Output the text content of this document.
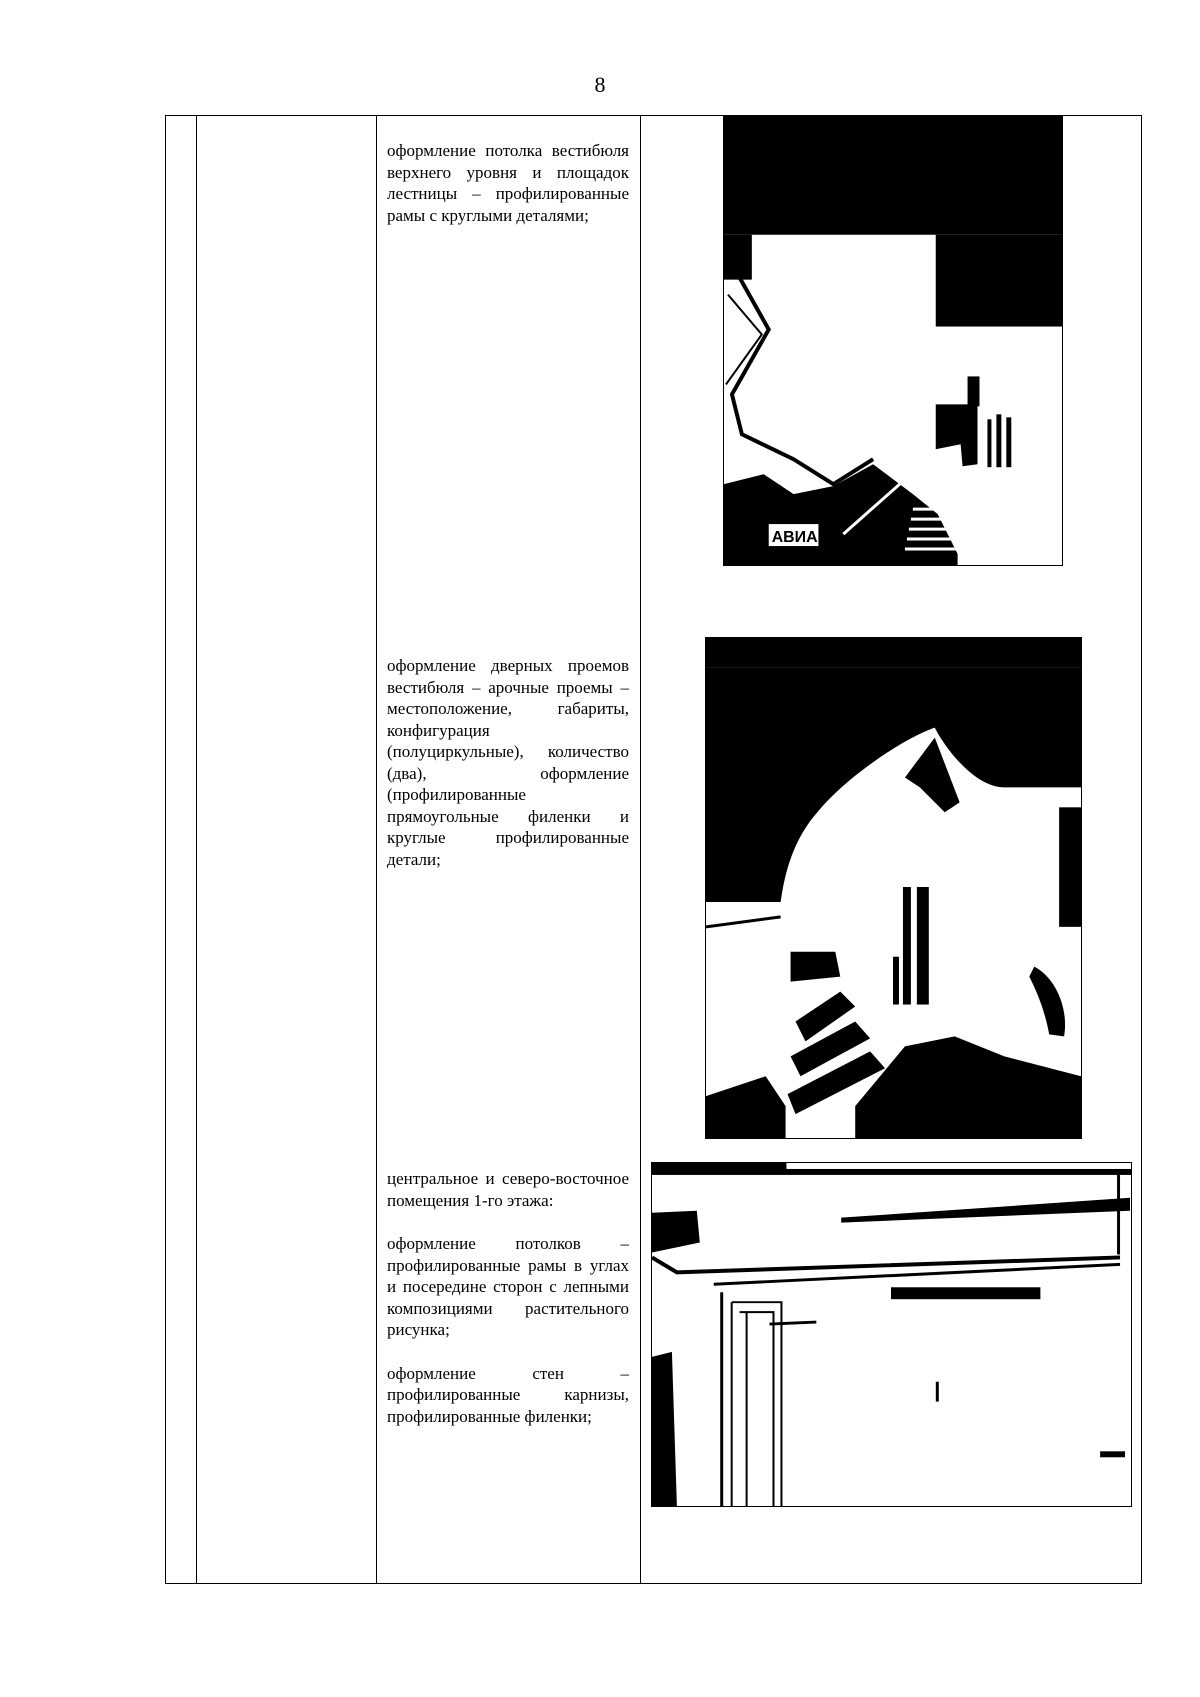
8

оформление потолка вестибюля верхнего уровня и площадок лестницы – профилированные рамы с круглыми деталями;

оформление дверных проемов вестибюля – арочные проемы – местоположение, габариты, конфигурация (полуциркульные), количество (два), оформление (профилированные прямоугольные филенки и круглые профилированные детали;

центральное и северо-восточное помещения 1-го этажа:

оформление потолков – профилированные рамы в углах и посередине сторон с лепными композициями растительного рисунка;

оформление стен – профилированные карнизы, профилированные филенки;

АВИА
